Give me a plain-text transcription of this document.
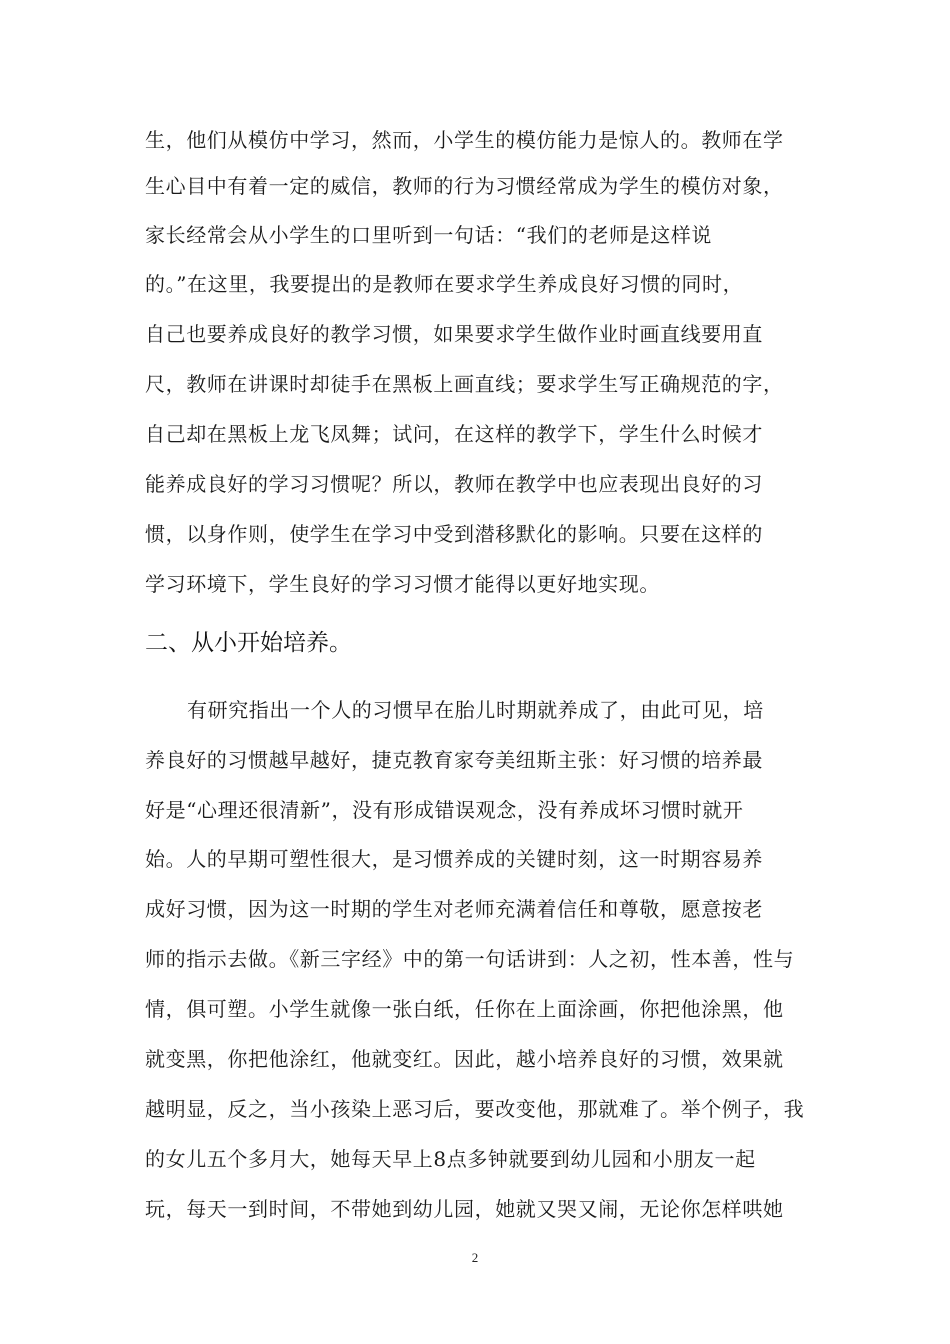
生，他们从模仿中学习，然而，小学生的模仿能力是惊人的。教师在学
生心目中有着一定的威信，教师的行为习惯经常成为学生的模仿对象，
家长经常会从小学生的口里听到一句话：“我们的老师是这样说
的。”在这里，我要提出的是教师在要求学生养成良好习惯的同时，
自己也要养成良好的教学习惯，如果要求学生做作业时画直线要用直
尺，教师在讲课时却徒手在黑板上画直线；要求学生写正确规范的字，
自己却在黑板上龙飞凤舞；试问，在这样的教学下，学生什么时候才
能养成良好的学习习惯呢？所以，教师在教学中也应表现出良好的习
惯，以身作则，使学生在学习中受到潜移默化的影响。只要在这样的
学习环境下，学生良好的学习习惯才能得以更好地实现。
二、从小开始培养。
有研究指出一个人的习惯早在胎儿时期就养成了，由此可见，培
养良好的习惯越早越好，捷克教育家夸美纽斯主张：好习惯的培养最
好是“心理还很清新”，没有形成错误观念，没有养成坏习惯时就开
始。人的早期可塑性很大，是习惯养成的关键时刻，这一时期容易养
成好习惯，因为这一时期的学生对老师充满着信任和尊敬，愿意按老
师的指示去做。《新三字经》中的第一句话讲到：人之初，性本善，性与
情，俱可塑。小学生就像一张白纸，任你在上面涂画，你把他涂黑，他
就变黑，你把他涂红，他就变红。因此，越小培养良好的习惯，效果就
越明显，反之，当小孩染上恶习后，要改变他，那就难了。举个例子，我
的女儿五个多月大，她每天早上8点多钟就要到幼儿园和小朋友一起
玩，每天一到时间，不带她到幼儿园，她就又哭又闹，无论你怎样哄她
2
